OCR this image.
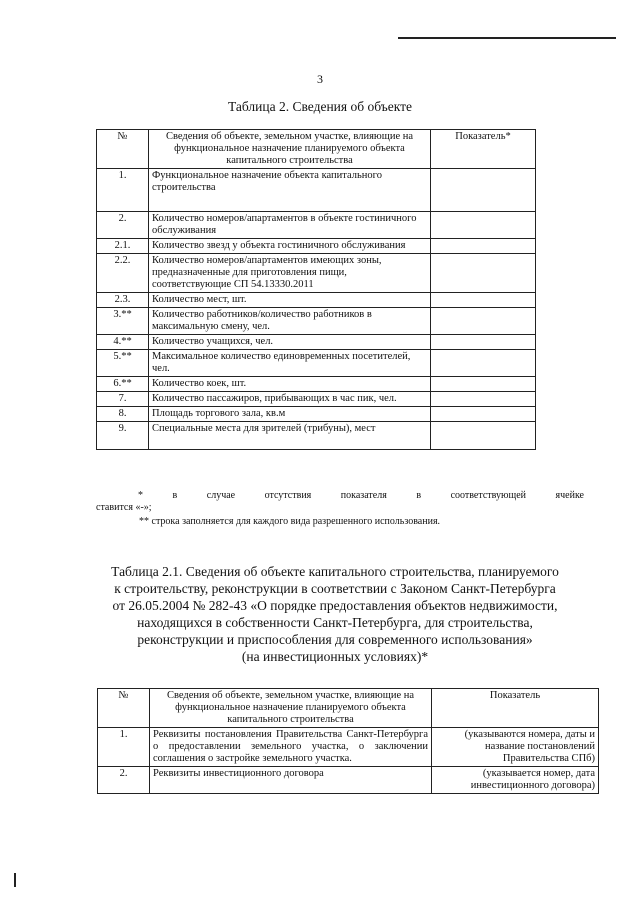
3
Таблица 2. Сведения об объекте
№	Сведения об объекте, земельном участке, влияющие на функциональное назначение планируемого объекта капитального строительства	Показатель*
1.	Функциональное назначение объекта капитального строительства	
2.	Количество номеров/апартаментов в объекте гостиничного обслуживания	
2.1.	Количество звезд у объекта гостиничного обслуживания	
2.2.	Количество номеров/апартаментов имеющих зоны, предназначенные для приготовления пищи, соответствующие СП 54.13330.2011	
2.3.	Количество мест, шт.	
3.**	Количество работников/количество работников в максимальную смену, чел.	
4.**	Количество учащихся, чел.	
5.**	Максимальное количество единовременных посетителей, чел.	
6.**	Количество коек, шт.	
7.	Количество пассажиров, прибывающих в час пик, чел.	
8.	Площадь торгового зала, кв.м	
9.	Специальные места для зрителей (трибуны), мест	
* в случае отсутствия показателя в соответствующей ячейке
ставится «-»;
** строка заполняется для каждого вида разрешенного использования.
Таблица 2.1. Сведения об объекте капитального строительства, планируемого
к строительству, реконструкции в соответствии с Законом Санкт-Петербурга
от 26.05.2004 № 282-43 «О порядке предоставления объектов недвижимости,
находящихся в собственности Санкт-Петербурга, для строительства,
реконструкции и приспособления для современного использования»
(на инвестиционных условиях)*
№	Сведения об объекте, земельном участке, влияющие на функциональное назначение планируемого объекта капитального строительства	Показатель
1.	Реквизиты постановления Правительства Санкт-Петербурга о предоставлении земельного участка, о заключении соглашения о застройке земельного участка.	(указываются номера, даты и название постановлений Правительства СПб)
2.	Реквизиты инвестиционного договора	(указывается номер, дата инвестиционного договора)
